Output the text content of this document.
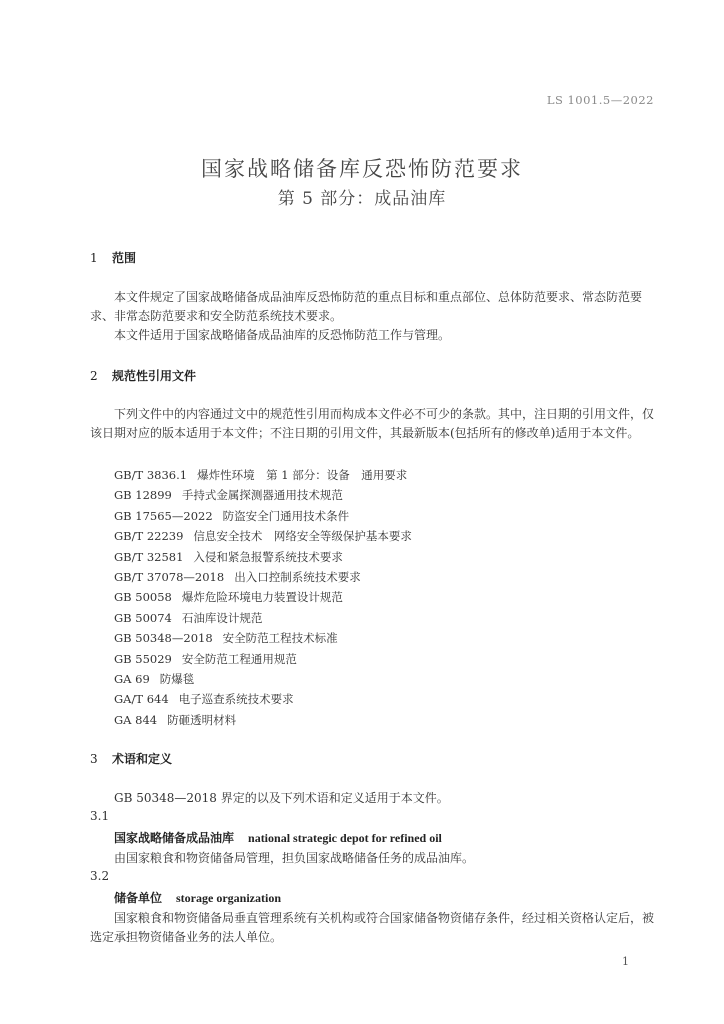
LS 1001.5—2022
国家战略储备库反恐怖防范要求
第 5 部分：成品油库
1 范围
本文件规定了国家战略储备成品油库反恐怖防范的重点目标和重点部位、总体防范要求、常态防范要求、非常态防范要求和安全防范系统技术要求。
本文件适用于国家战略储备成品油库的反恐怖防范工作与管理。
2 规范性引用文件
下列文件中的内容通过文中的规范性引用而构成本文件必不可少的条款。其中，注日期的引用文件，仅该日期对应的版本适用于本文件；不注日期的引用文件，其最新版本(包括所有的修改单)适用于本文件。
GB/T 3836.1 爆炸性环境　第 1 部分：设备　通用要求
GB 12899 手持式金属探测器通用技术规范
GB 17565—2022 防盗安全门通用技术条件
GB/T 22239 信息安全技术　网络安全等级保护基本要求
GB/T 32581 入侵和紧急报警系统技术要求
GB/T 37078—2018 出入口控制系统技术要求
GB 50058 爆炸危险环境电力装置设计规范
GB 50074 石油库设计规范
GB 50348—2018 安全防范工程技术标准
GB 55029 安全防范工程通用规范
GA 69 防爆毯
GA/T 644 电子巡查系统技术要求
GA 844 防砸透明材料
3 术语和定义
GB 50348—2018 界定的以及下列术语和定义适用于本文件。
3.1
国家战略储备成品油库 national strategic depot for refined oil
由国家粮食和物资储备局管理，担负国家战略储备任务的成品油库。
3.2
储备单位 storage organization
国家粮食和物资储备局垂直管理系统有关机构或符合国家储备物资储存条件，经过相关资格认定后，被选定承担物资储备业务的法人单位。
1
